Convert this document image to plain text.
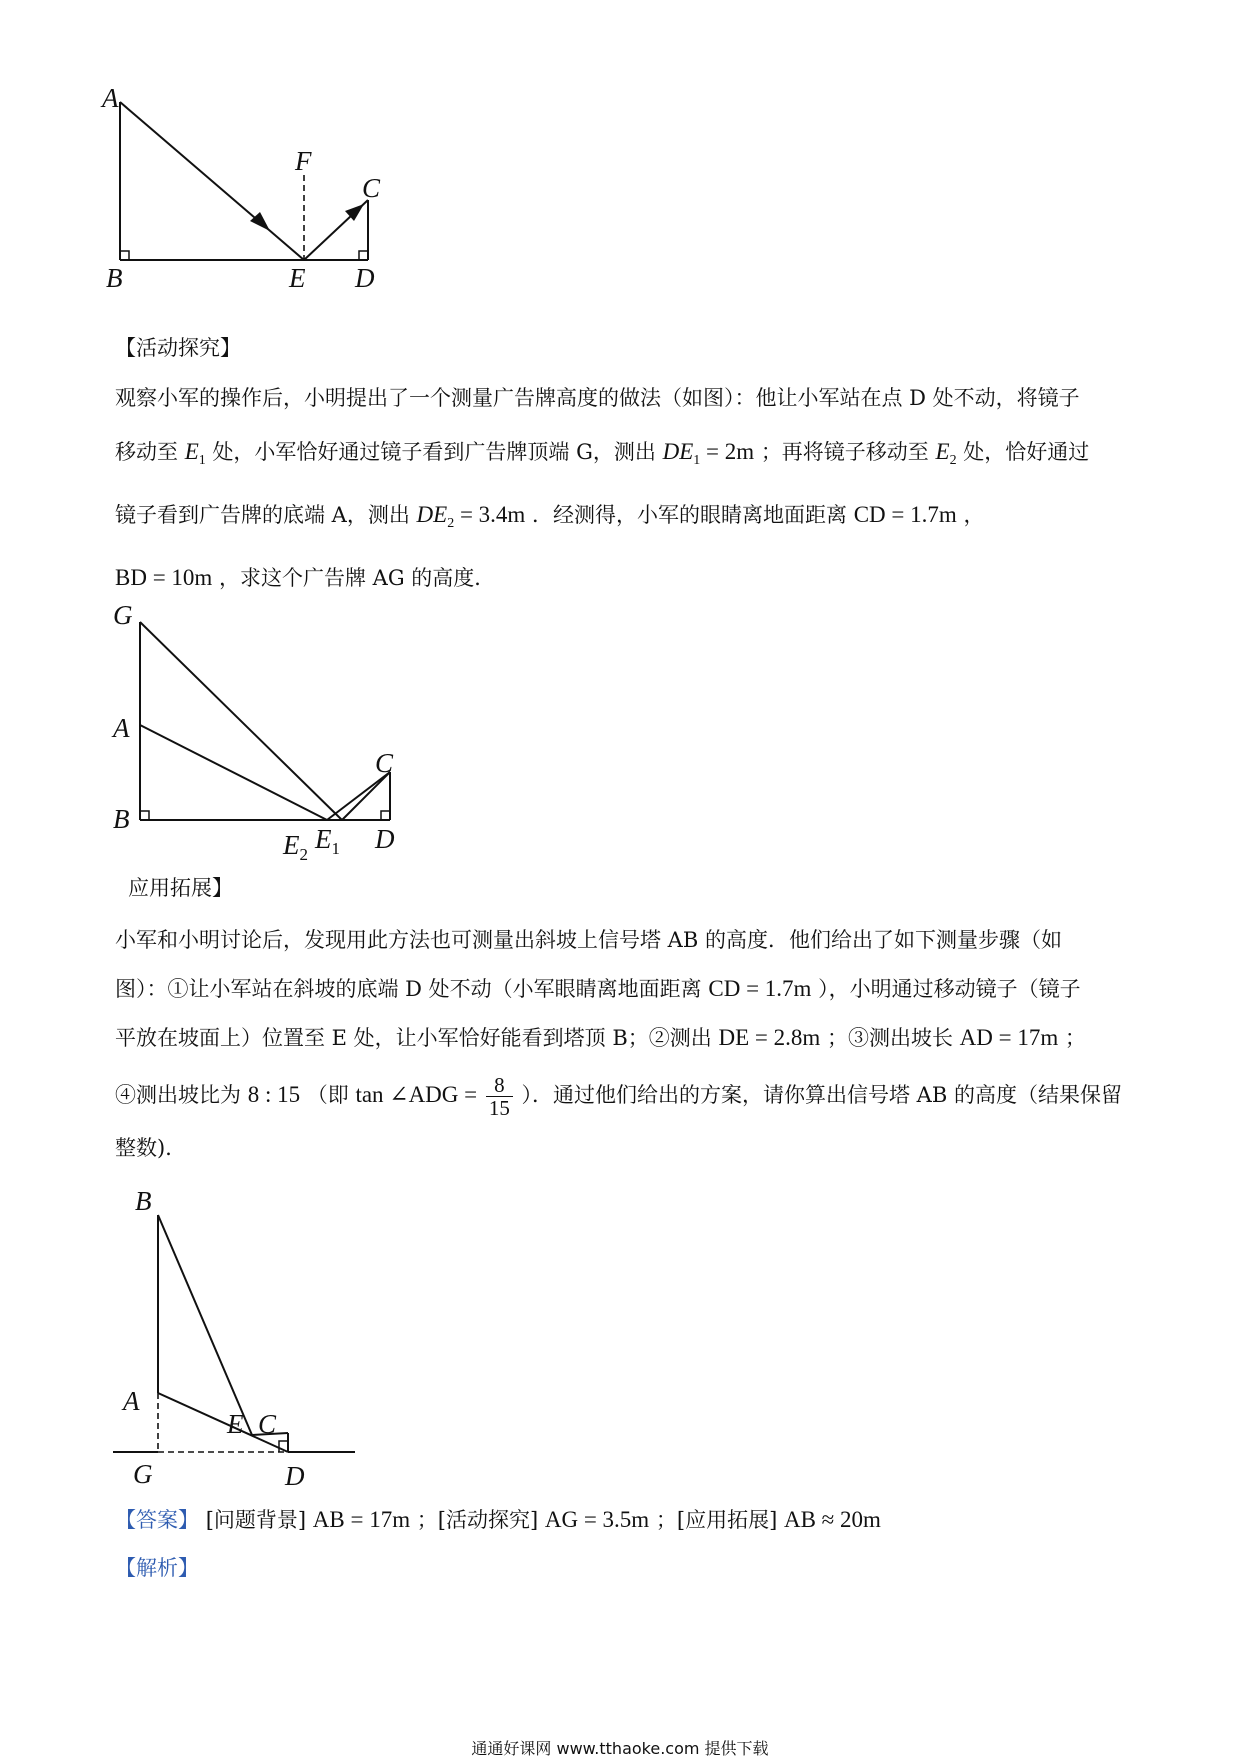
A
F
C
B	E D
【活动探究】
观察小军的操作后，小明提出了一个测量广告牌高度的做法（如图）：他让小军站在点 D 处不动，将镜子
移动至 $E_1$ 处，小军恰好通过镜子看到广告牌顶端 G，测出 $DE_1 = 2m$ ；再将镜子移动至 $E_2$ 处，恰好通过
镜子看到广告牌的底端 A，测出 $DE_2 = 3.4m$ ．经测得，小军的眼睛离地面距离 CD = 1.7m ，
BD = 10m ，求这个广告牌 AG 的高度．
G
A
C
B
$E_2$
$E_1$ D
应用拓展】
小军和小明讨论后，发现用此方法也可测量出斜坡上信号塔 AB 的高度．他们给出了如下测量步骤（如
图）：①让小军站在斜坡的底端 D 处不动（小军眼睛离地面距离 CD = 1.7m ），小明通过移动镜子（镜子
平放在坡面上）位置至 E 处，让小军恰好能看到塔顶 B；②测出 DE = 2.8m ；③测出坡长 AD = 17m ；
④测出坡比为 8 : 15 （即 tan ∠ADG = $\frac{8}{15}$ ）．通过他们给出的方案，请你算出信号塔 AB 的高度（结果保留
整数)．
B
A
E C
G	D
【答案】 [问题背景] AB = 17m ；[活动探究] AG = 3.5m ；[应用拓展] AB ≈ 20m
【解析】
通通好课网 www.tthaoke.com 提供下载
